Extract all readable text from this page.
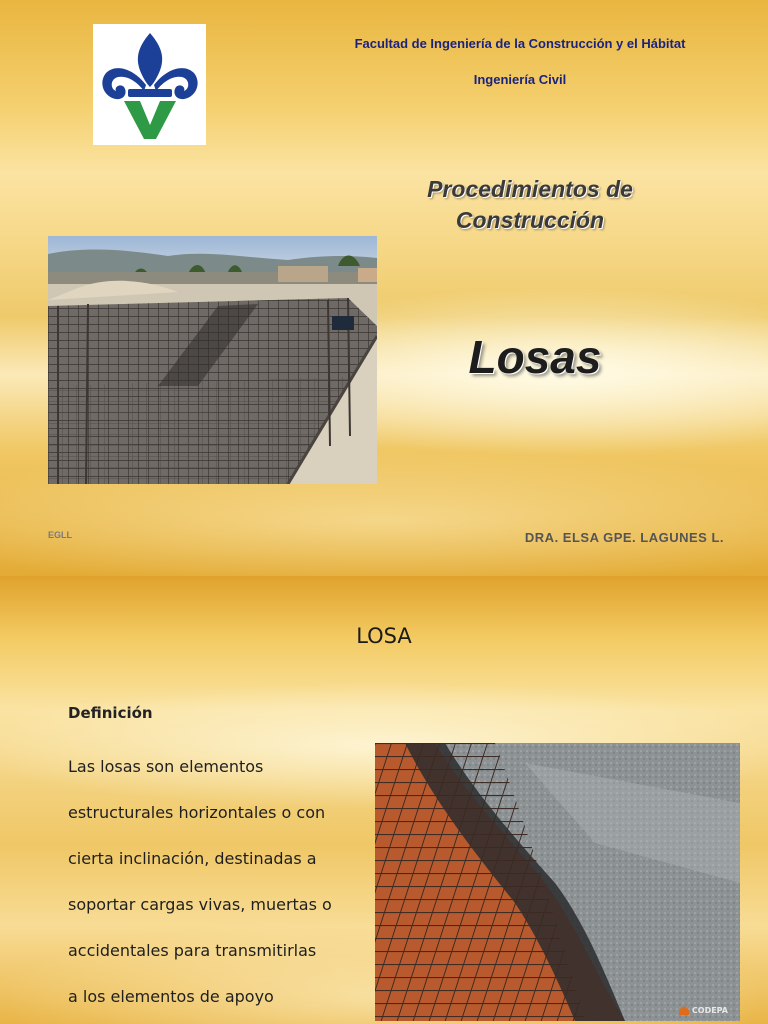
Facultad de Ingeniería de la Construcción y el Hábitat
Ingeniería Civil
Procedimientos de
Construcción
Losas
EGLL	DRA. ELSA GPE. LAGUNES L.
LOSA
Definición
Las losas son elementos
estructurales horizontales o con
cierta inclinación, destinadas a
soportar cargas vivas, muertas o
accidentales para transmitirlas
a los elementos de apoyo
CODEPA
